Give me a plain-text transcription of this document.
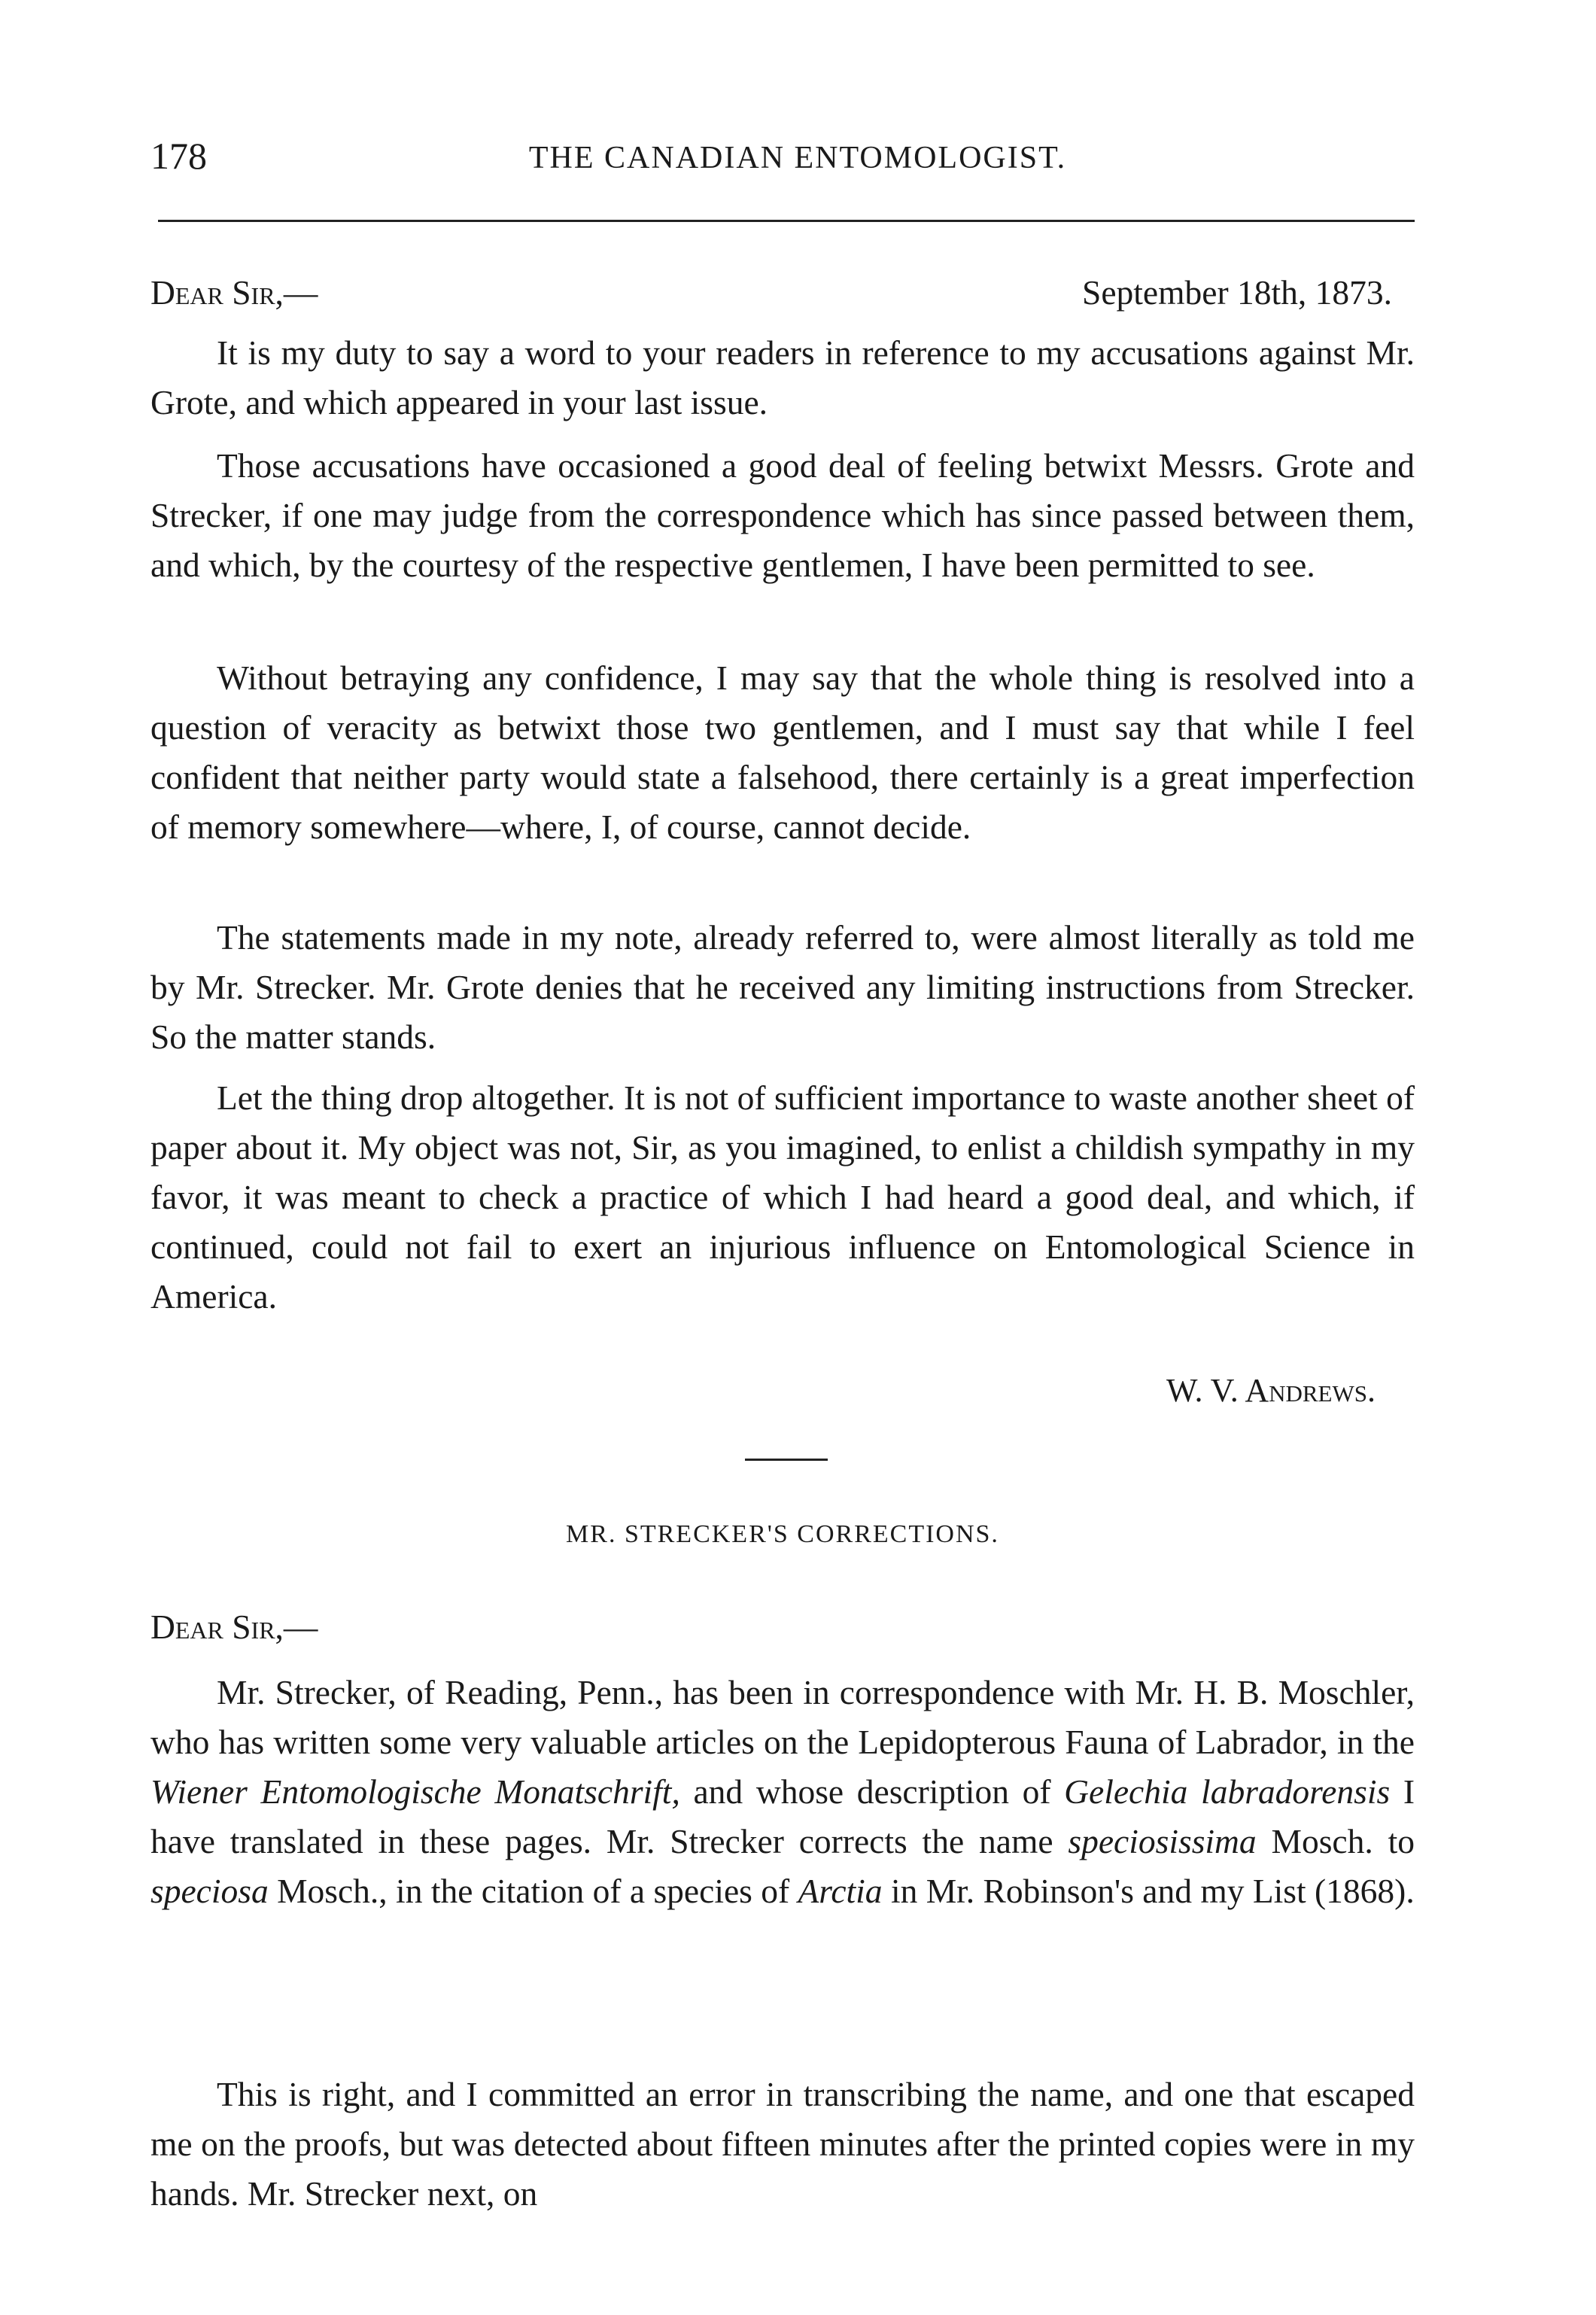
178	THE CANADIAN ENTOMOLOGIST.
Dear Sir,—	September 18th, 1873.

It is my duty to say a word to your readers in reference to my accusations against Mr. Grote, and which appeared in your last issue.

Those accusations have occasioned a good deal of feeling betwixt Messrs. Grote and Strecker, if one may judge from the correspondence which has since passed between them, and which, by the courtesy of the respective gentlemen, I have been permitted to see.

Without betraying any confidence, I may say that the whole thing is resolved into a question of veracity as betwixt those two gentlemen, and I must say that while I feel confident that neither party would state a falsehood, there certainly is a great imperfection of memory somewhere—where, I, of course, cannot decide.

The statements made in my note, already referred to, were almost literally as told me by Mr. Strecker. Mr. Grote denies that he received any limiting instructions from Strecker. So the matter stands.

Let the thing drop altogether. It is not of sufficient importance to waste another sheet of paper about it. My object was not, Sir, as you imagined, to enlist a childish sympathy in my favor, it was meant to check a practice of which I had heard a good deal, and which, if continued, could not fail to exert an injurious influence on Entomological Science in America.

W. V. Andrews.
MR. STRECKER'S CORRECTIONS.
Dear Sir,—

Mr. Strecker, of Reading, Penn., has been in correspondence with Mr. H. B. Moschler, who has written some very valuable articles on the Lepidopterous Fauna of Labrador, in the Wiener Entomologische Monatschrift, and whose description of Gelechia labradorensis I have translated in these pages. Mr. Strecker corrects the name speciosissima Mosch. to speciosa Mosch., in the citation of a species of Arctia in Mr. Robinson's and my List (1868).

This is right, and I committed an error in transcribing the name, and one that escaped me on the proofs, but was detected about fifteen minutes after the printed copies were in my hands. Mr. Strecker next, on
